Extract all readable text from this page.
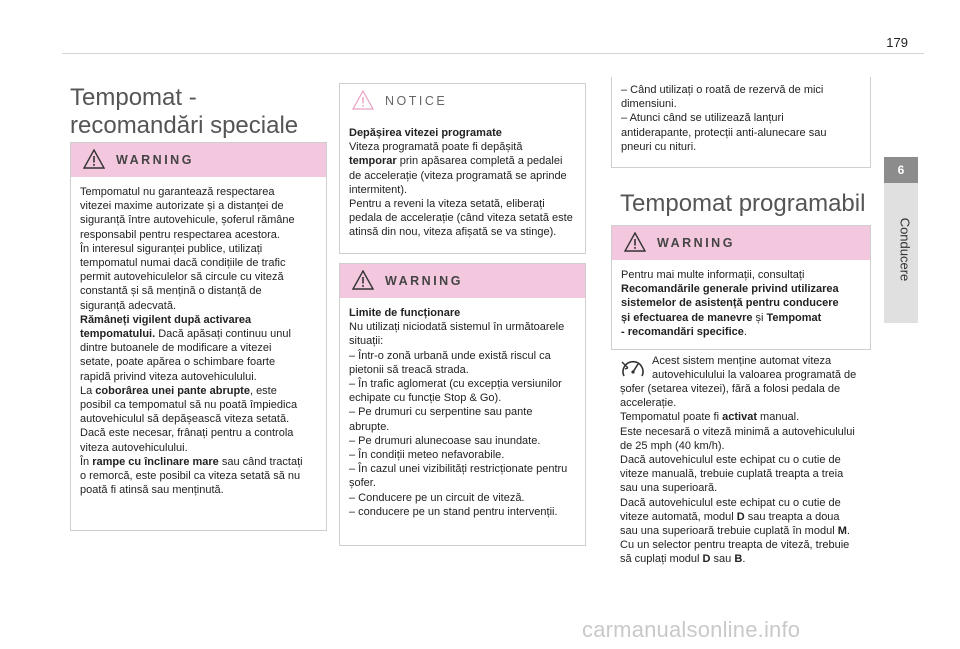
179
6
Conducere
Tempomat - recomandări speciale
WARNING

Tempomatul nu garantează respectarea

vitezei maxime autorizate și a distanței de

siguranță între autovehicule, șoferul rămâne

responsabil pentru respectarea acestora.

În interesul siguranței publice, utilizați

tempomatul numai dacă condițiile de trafic

permit autovehiculelor să circule cu viteză

constantă și să mențină o distanță de

siguranță adecvată.

Rămâneți vigilent după activarea

tempomatului. Dacă apăsați continuu unul

dintre butoanele de modificare a vitezei

setate, poate apărea o schimbare foarte

rapidă privind viteza autovehiculului.

La coborârea unei pante abrupte, este

posibil ca tempomatul să nu poată împiedica

autovehiculul să depășească viteza setată.

Dacă este necesar, frânați pentru a controla

viteza autovehiculului.

În rampe cu înclinare mare sau când tractați

o remorcă, este posibil ca viteza setată să nu

poată fi atinsă sau menținută.

NOTICE

Depășirea vitezei programate

Viteza programată poate fi depășită

temporar prin apăsarea completă a pedalei

de accelerație (viteza programată se aprinde

intermitent).

Pentru a reveni la viteza setată, eliberați

pedala de accelerație (când viteza setată este

atinsă din nou, viteza afișată se va stinge).

WARNING

Limite de funcționare

Nu utilizați niciodată sistemul în următoarele

situații:

– Într-o zonă urbană unde există riscul ca

pietonii să treacă strada.

– În trafic aglomerat (cu excepția versiunilor

echipate cu funcție Stop & Go).

– Pe drumuri cu serpentine sau pante

abrupte.

– Pe drumuri alunecoase sau inundate.

– În condiții meteo nefavorabile.

– În cazul unei vizibilități restricționate pentru

șofer.

– Conducere pe un circuit de viteză.

– conducere pe un stand pentru intervenții.

– Când utilizați o roată de rezervă de mici

dimensiuni.

– Atunci când se utilizează lanțuri

antiderapante, protecții anti-alunecare sau

pneuri cu nituri.

Tempomat programabil
WARNING

Pentru mai multe informații, consultați

Recomandările generale privind utilizarea

sistemelor de asistență pentru conducere

și efectuarea de manevre și Tempomat

- recomandări specifice.

Acest sistem menține automat viteza

autovehiculului la valoarea programată de

șofer (setarea vitezei), fără a folosi pedala de

accelerație.

Tempomatul poate fi activat manual.

Este necesară o viteză minimă a autovehiculului

de 25 mph (40 km/h).

Dacă autovehiculul este echipat cu o cutie de

viteze manuală, trebuie cuplată treapta a treia

sau una superioară.

Dacă autovehiculul este echipat cu o cutie de

viteze automată, modul D sau treapta a doua

sau una superioară trebuie cuplată în modul M.

Cu un selector pentru treapta de viteză, trebuie

să cuplați modul D sau B.

carmanualsonline.info
